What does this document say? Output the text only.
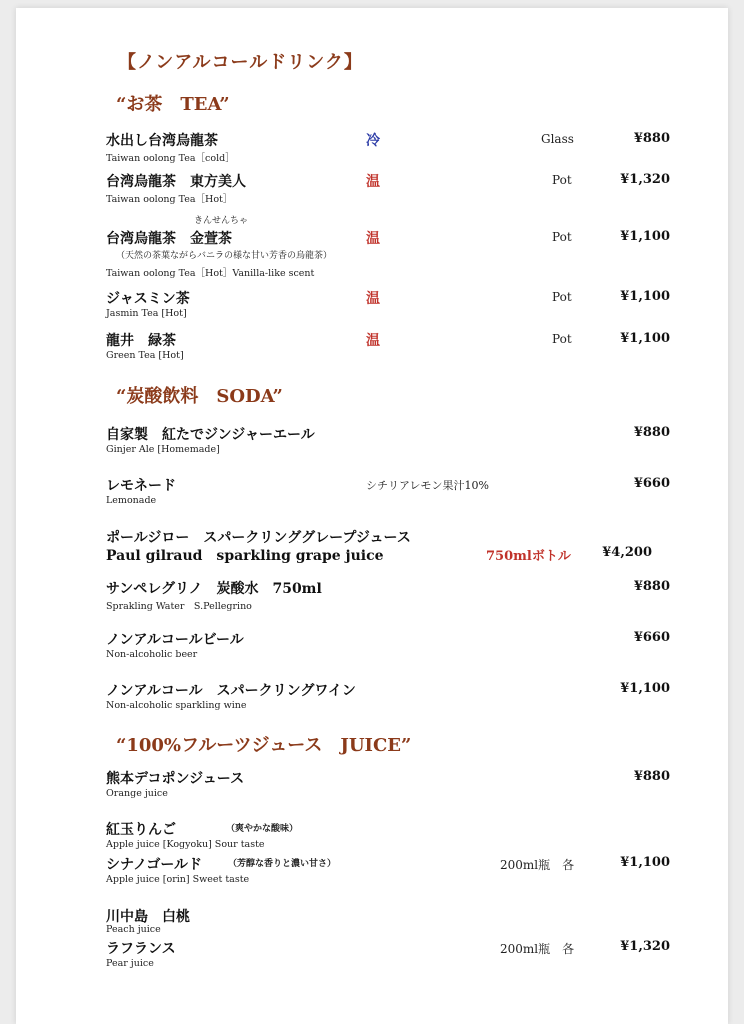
【ノンアルコールドリンク】
“お茶　TEA”
水出し台湾烏龍茶
Taiwan oolong Tea［cold］
冷	Glass	¥880
台湾烏龍茶　東方美人
Taiwan oolong Tea［Hot］
温	Pot	¥1,320
きんせんちゃ
台湾烏龍茶　金萱茶
（天然の茶葉ながらバニラの様な甘い芳香の烏龍茶）
Taiwan oolong Tea［Hot］Vanilla-like scent
温	Pot	¥1,100
ジャスミン茶
Jasmin Tea [Hot]
温	Pot	¥1,100
龍井　緑茶
Green Tea [Hot]
温	Pot	¥1,100
“炭酸飲料　SODA”
自家製　紅たでジンジャーエール
Ginjer Ale [Homemade]
¥880
レモネード
Lemonade
シチリアレモン果汁10%	¥660
ポールジロー　スパークリンググレープジュース
Paul gilraud　sparkling grape juice	750mlボトル ¥4,200
サンペレグリノ　炭酸水　750ml
Sprakling Water　S.Pellegrino
¥880
ノンアルコールビール
Non-alcoholic beer
¥660
ノンアルコール　スパークリングワイン
Non-alcoholic sparkling wine
¥1,100
“100%フルーツジュース　JUICE”
熊本デコポンジュース
Orange juice
¥880
紅玉りんご	（爽やかな酸味）
Apple juice [Kogyoku] Sour taste
シナノゴールド	（芳醇な香りと濃い甘さ）
Apple juice [orin] Sweet taste
200ml瓶　各	¥1,100
川中島　白桃
Peach juice
ラフランス
Pear juice
200ml瓶　各	¥1,320
